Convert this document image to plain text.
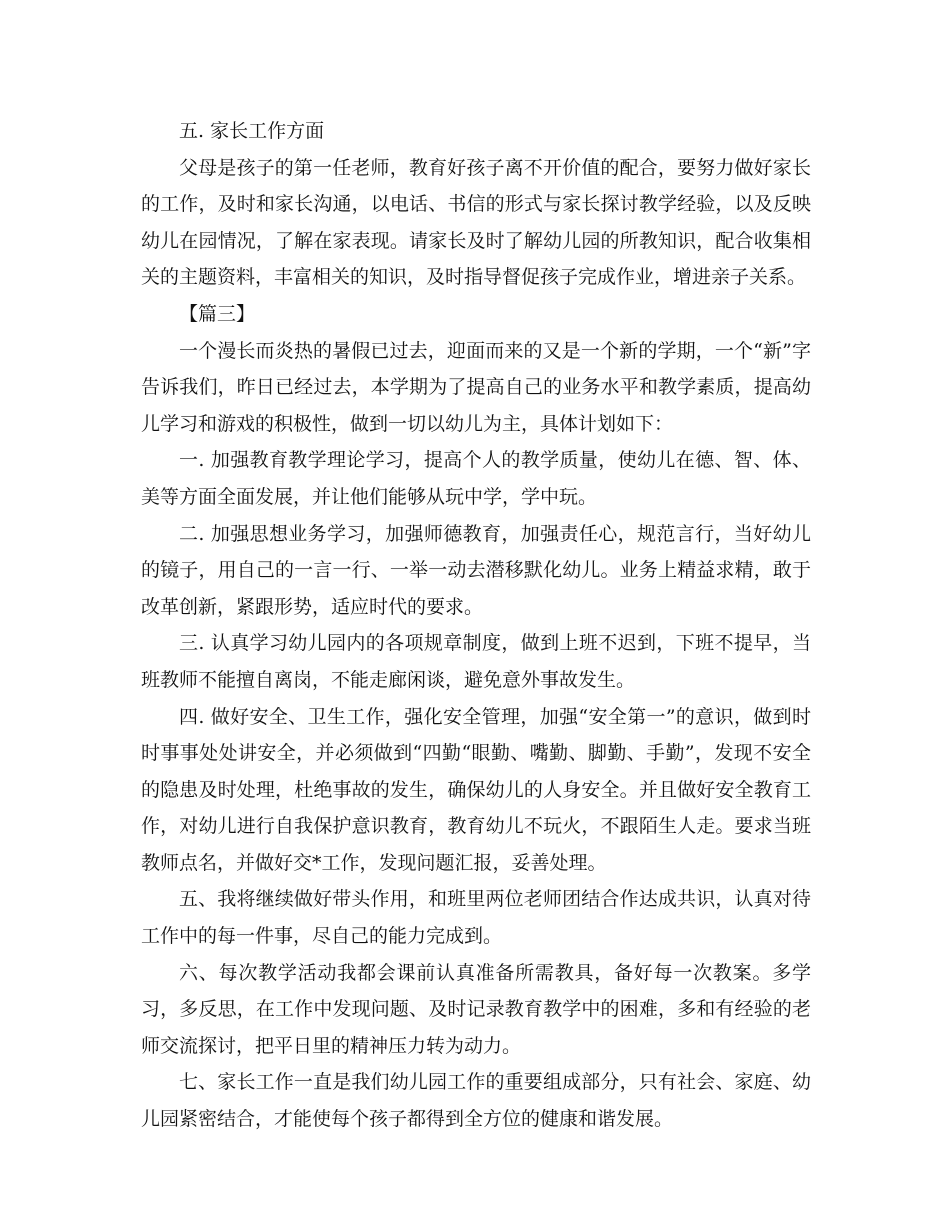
五. 家长工作方面

父母是孩子的第一任老师，教育好孩子离不开价值的配合，要努力做好家长的工作，及时和家长沟通，以电话、书信的形式与家长探讨教学经验，以及反映幼儿在园情况，了解在家表现。请家长及时了解幼儿园的所教知识，配合收集相关的主题资料，丰富相关的知识，及时指导督促孩子完成作业，增进亲子关系。

【篇三】

一个漫长而炎热的暑假已过去，迎面而来的又是一个新的学期，一个“新”字告诉我们，昨日已经过去，本学期为了提高自己的业务水平和教学素质，提高幼儿学习和游戏的积极性，做到一切以幼儿为主，具体计划如下：

一. 加强教育教学理论学习，提高个人的教学质量，使幼儿在德、智、体、美等方面全面发展，并让他们能够从玩中学，学中玩。

二. 加强思想业务学习，加强师德教育，加强责任心，规范言行，当好幼儿的镜子，用自己的一言一行、一举一动去潜移默化幼儿。业务上精益求精，敢于改革创新，紧跟形势，适应时代的要求。

三. 认真学习幼儿园内的各项规章制度，做到上班不迟到，下班不提早，当班教师不能擅自离岗，不能走廊闲谈，避免意外事故发生。

四. 做好安全、卫生工作，强化安全管理，加强“安全第一”的意识，做到时时事事处处讲安全，并必须做到“四勤“眼勤、嘴勤、脚勤、手勤”，发现不安全的隐患及时处理，杜绝事故的发生，确保幼儿的人身安全。并且做好安全教育工作，对幼儿进行自我保护意识教育，教育幼儿不玩火，不跟陌生人走。要求当班教师点名，并做好交*工作，发现问题汇报，妥善处理。

五、我将继续做好带头作用，和班里两位老师团结合作达成共识，认真对待工作中的每一件事，尽自己的能力完成到。

六、每次教学活动我都会课前认真准备所需教具，备好每一次教案。多学习，多反思，在工作中发现问题、及时记录教育教学中的困难，多和有经验的老师交流探讨，把平日里的精神压力转为动力。

七、家长工作一直是我们幼儿园工作的重要组成部分，只有社会、家庭、幼儿园紧密结合，才能使每个孩子都得到全方位的健康和谐发展。
